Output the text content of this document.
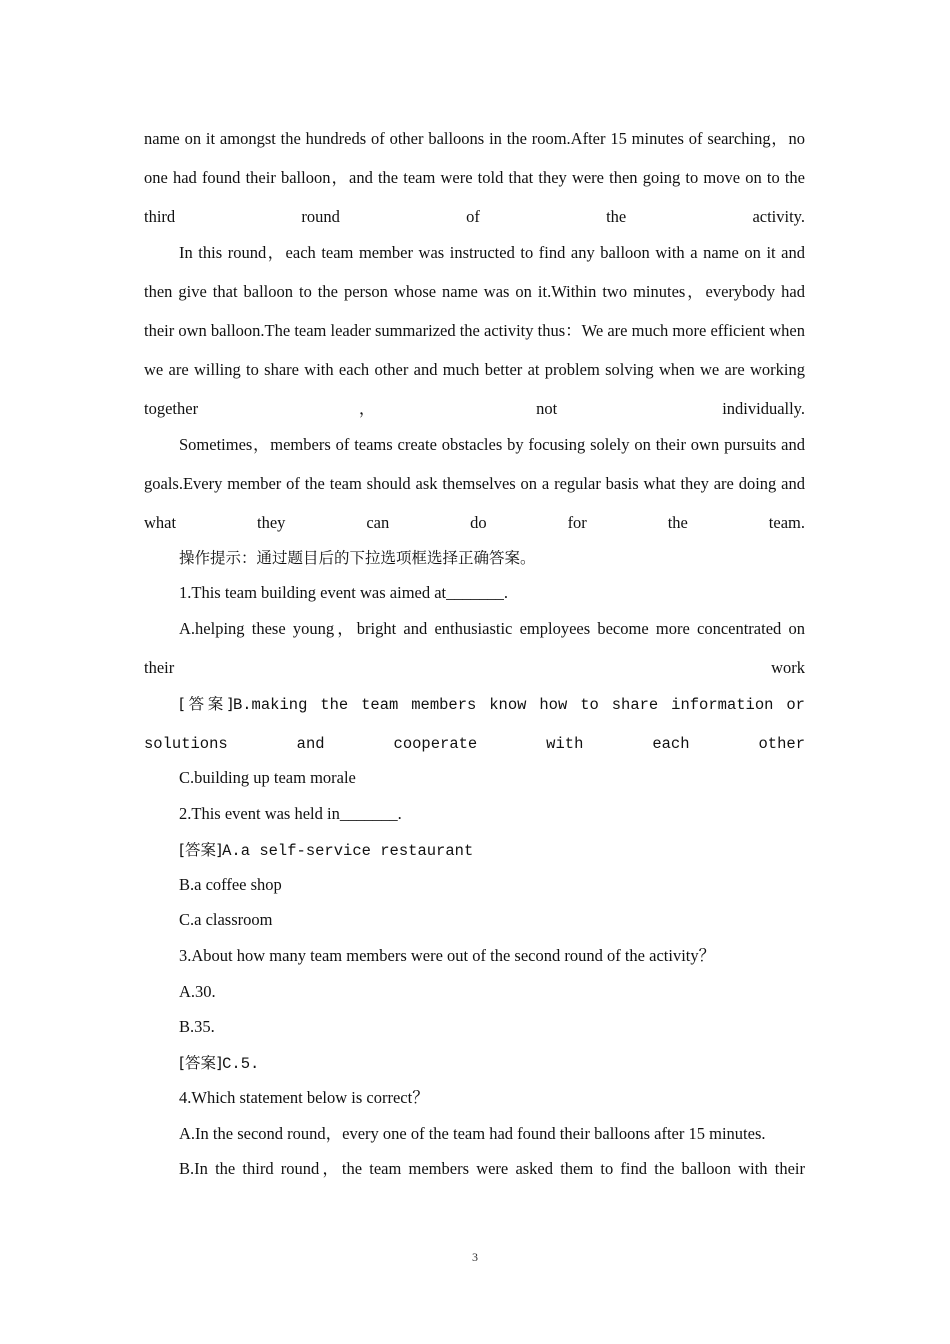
name on it amongst the hundreds of other balloons in the room.After 15 minutes of searching，no one had found their balloon，and the team were told that they were then going to move on to the third round of the activity.

In this round，each team member was instructed to find any balloon with a name on it and then give that balloon to the person whose name was on it.Within two minutes，everybody had their own balloon.The team leader summarized the activity thus：We are much more efficient when we are willing to share with each other and much better at problem solving when we are working together，not individually.

Sometimes，members of teams create obstacles by focusing solely on their own pursuits and goals.Every member of the team should ask themselves on a regular basis what they are doing and what they can do for the team.

操作提示：通过题目后的下拉选项框选择正确答案。

1.This team building event was aimed at_______.

A.helping these young，bright and enthusiastic employees become more concentrated on their work

[答案]B.making the team members know how to share information or solutions and cooperate with each other

C.building up team morale

2.This event was held in_______.

[答案]A.a self-service restaurant

B.a coffee shop

C.a classroom

3.About how many team members were out of the second round of the activity？

A.30.

B.35.

[答案]C.5.

4.Which statement below is correct？

A.In the second round，every one of the team had found their balloons after 15 minutes.

B.In the third round，the team members were asked them to find the balloon with their

3
